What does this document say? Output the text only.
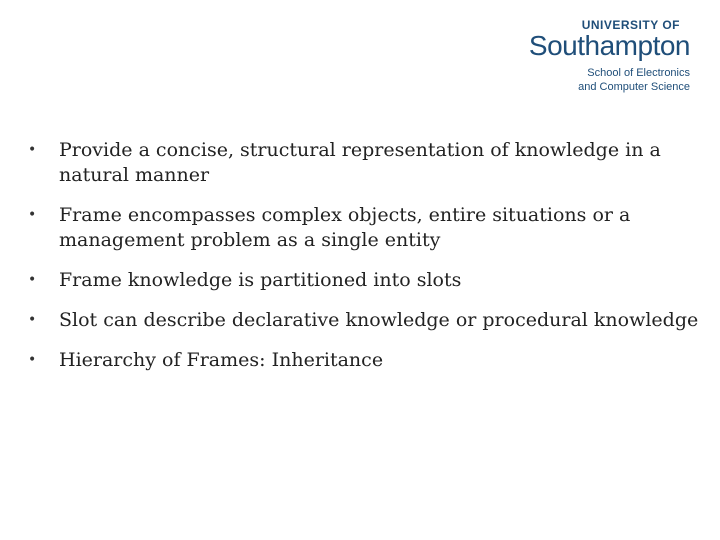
UNIVERSITY OF
Southampton
School of Electronics
and Computer Science
•	Provide a concise, structural representation of knowledge in a natural manner
•	Frame encompasses complex objects, entire situations or a management problem as a single entity
•	Frame knowledge is partitioned into slots
•	Slot can describe declarative knowledge or procedural knowledge
•	Hierarchy of Frames: Inheritance
